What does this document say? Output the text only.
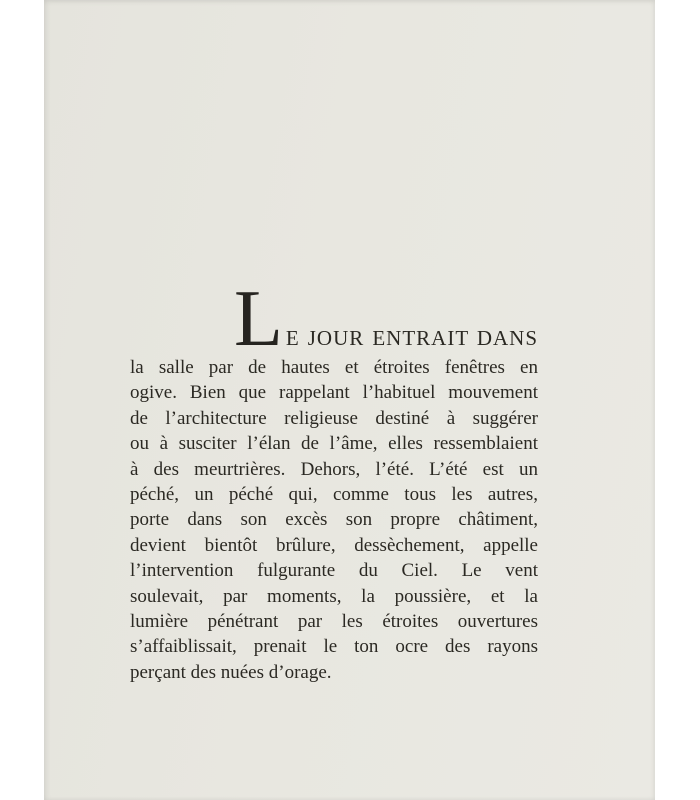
L E JOUR ENTRAIT DANS
la salle par de hautes et étroites fenêtres en
ogive. Bien que rappelant l’habituel mouvement
de l’architecture religieuse destiné à suggérer
ou à susciter l’élan de l’âme, elles ressemblaient
à des meurtrières. Dehors, l’été. L’été est un
péché, un péché qui, comme tous les autres,
porte dans son excès son propre châtiment,
devient bientôt brûlure, dessèchement, appelle
l’intervention fulgurante du Ciel. Le vent
soulevait, par moments, la poussière, et la
lumière pénétrant par les étroites ouvertures
s’affaiblissait, prenait le ton ocre des rayons
perçant des nuées d’orage.
